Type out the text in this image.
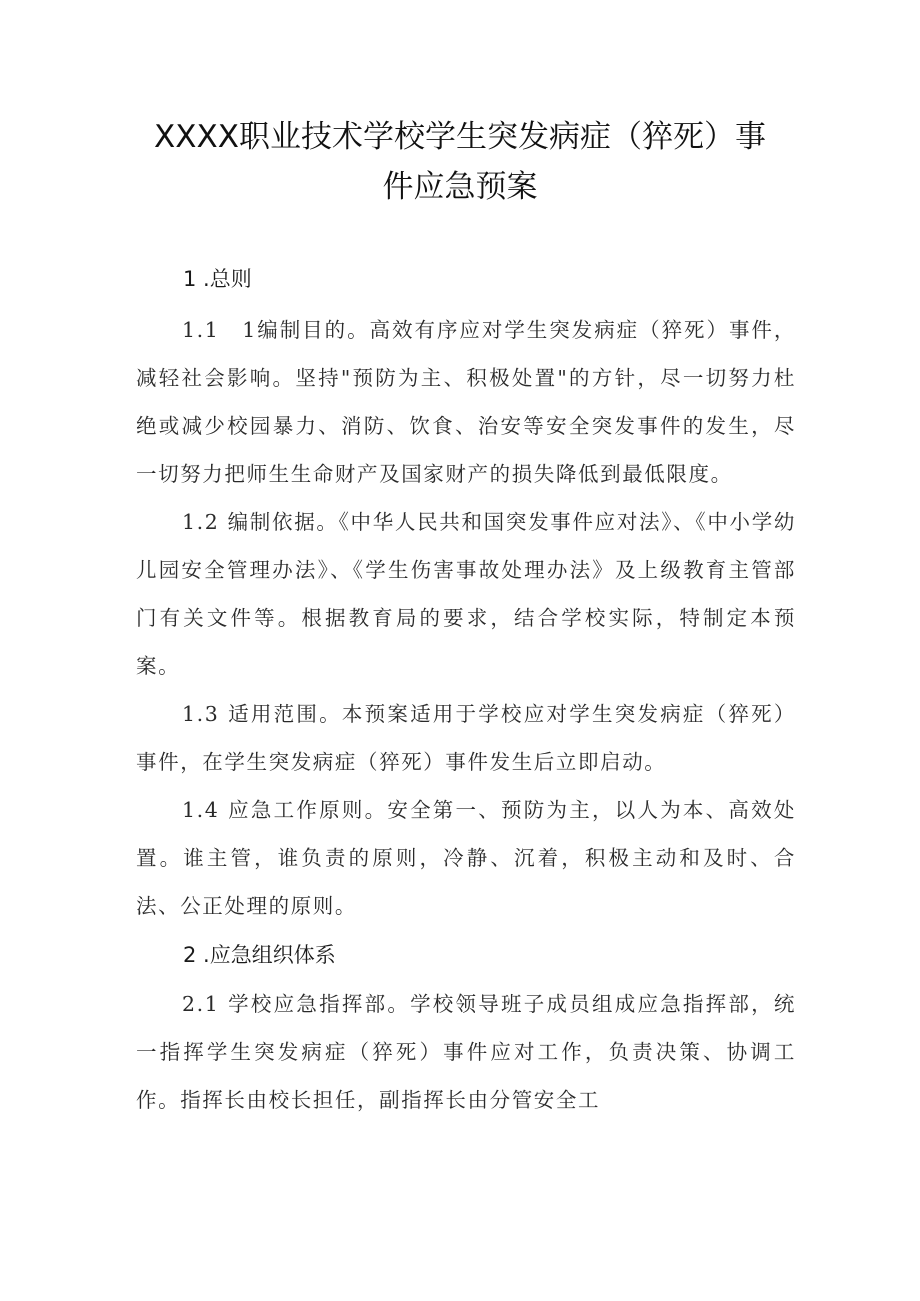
XXXX职业技术学校学生突发病症（猝死）事
件应急预案
1 .总则
1.1　1编制目的。高效有序应对学生突发病症（猝死）事件，减轻社会影响。坚持"预防为主、积极处置"的方针，尽一切努力杜绝或减少校园暴力、消防、饮食、治安等安全突发事件的发生，尽一切努力把师生生命财产及国家财产的损失降低到最低限度。
1.2 编制依据。《中华人民共和国突发事件应对法》、《中小学幼儿园安全管理办法》、《学生伤害事故处理办法》及上级教育主管部门有关文件等。根据教育局的要求，结合学校实际，特制定本预案。
1.3 适用范围。本预案适用于学校应对学生突发病症（猝死）事件，在学生突发病症（猝死）事件发生后立即启动。
1.4 应急工作原则。安全第一、预防为主，以人为本、高效处置。谁主管，谁负责的原则，冷静、沉着，积极主动和及时、合法、公正处理的原则。
2 .应急组织体系
2.1 学校应急指挥部。学校领导班子成员组成应急指挥部，统一指挥学生突发病症（猝死）事件应对工作，负责决策、协调工作。指挥长由校长担任，副指挥长由分管安全工
